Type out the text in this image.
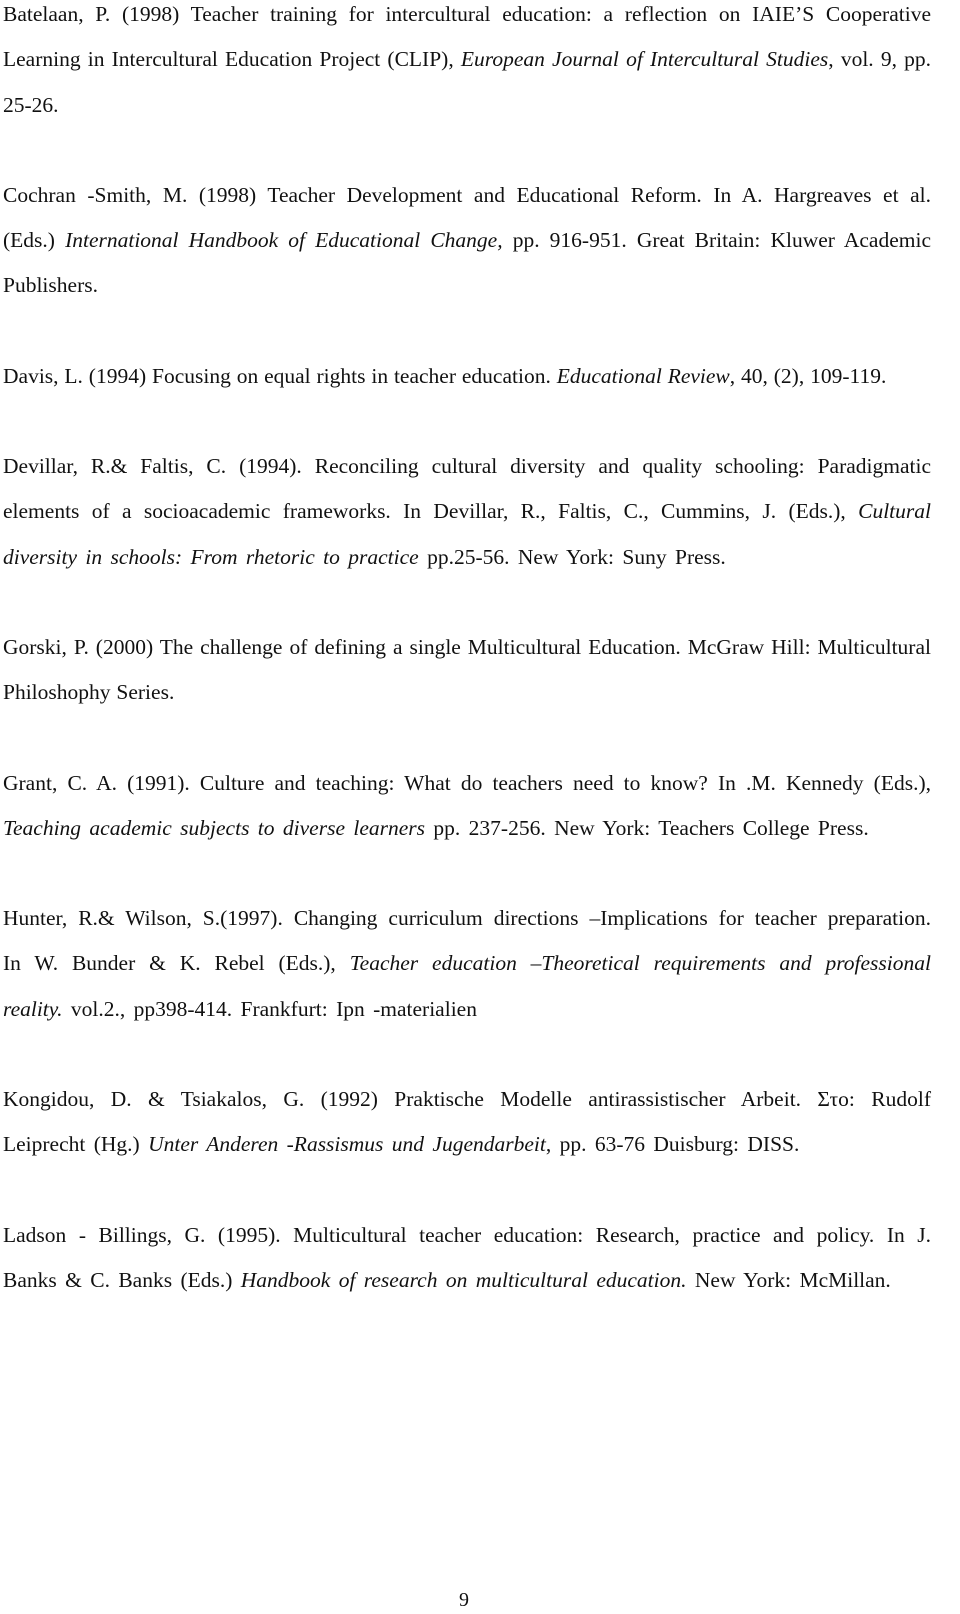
Batelaan, P. (1998) Teacher training for intercultural education: a reflection on IAIE’S Cooperative Learning in Intercultural Education Project (CLIP), European Journal of Intercultural Studies, vol. 9, pp. 25-26.

Cochran -Smith, M. (1998) Teacher Development and Educational Reform. In A. Hargreaves et al. (Eds.) International Handbook of Educational Change, pp. 916-951. Great Britain: Kluwer Academic Publishers.

Davis, L. (1994) Focusing on equal rights in teacher education. Educational Review, 40, (2), 109-119.

Devillar, R.& Faltis, C. (1994). Reconciling cultural diversity and quality schooling: Paradigmatic elements of a socioacademic frameworks. In Devillar, R., Faltis, C., Cummins, J. (Eds.), Cultural diversity in schools: From rhetoric to practice pp.25-56. New York: Suny Press.

Gorski, P. (2000) The challenge of defining a single Multicultural Education. McGraw Hill: Multicultural Philoshophy Series.

Grant, C. A. (1991). Culture and teaching: What do teachers need to know? In .M. Kennedy (Eds.), Teaching academic subjects to diverse learners pp. 237-256. New York: Teachers College Press.

Hunter, R.& Wilson, S.(1997). Changing curriculum directions –Implications for teacher preparation. In W. Bunder & K. Rebel (Eds.), Teacher education –Theoretical requirements and professional reality. vol.2., pp398-414. Frankfurt: Ipn -materialien

Kongidou, D. & Tsiakalos, G. (1992) Praktische Modelle antirassistischer Arbeit. Στο: Rudolf Leiprecht (Hg.) Unter Anderen -Rassismus und Jugendarbeit, pp. 63-76 Duisburg: DISS.

Ladson - Billings, G. (1995). Multicultural teacher education: Research, practice and policy. In J. Banks & C. Banks (Eds.) Handbook of research on multicultural education. New York: McMillan.

9
